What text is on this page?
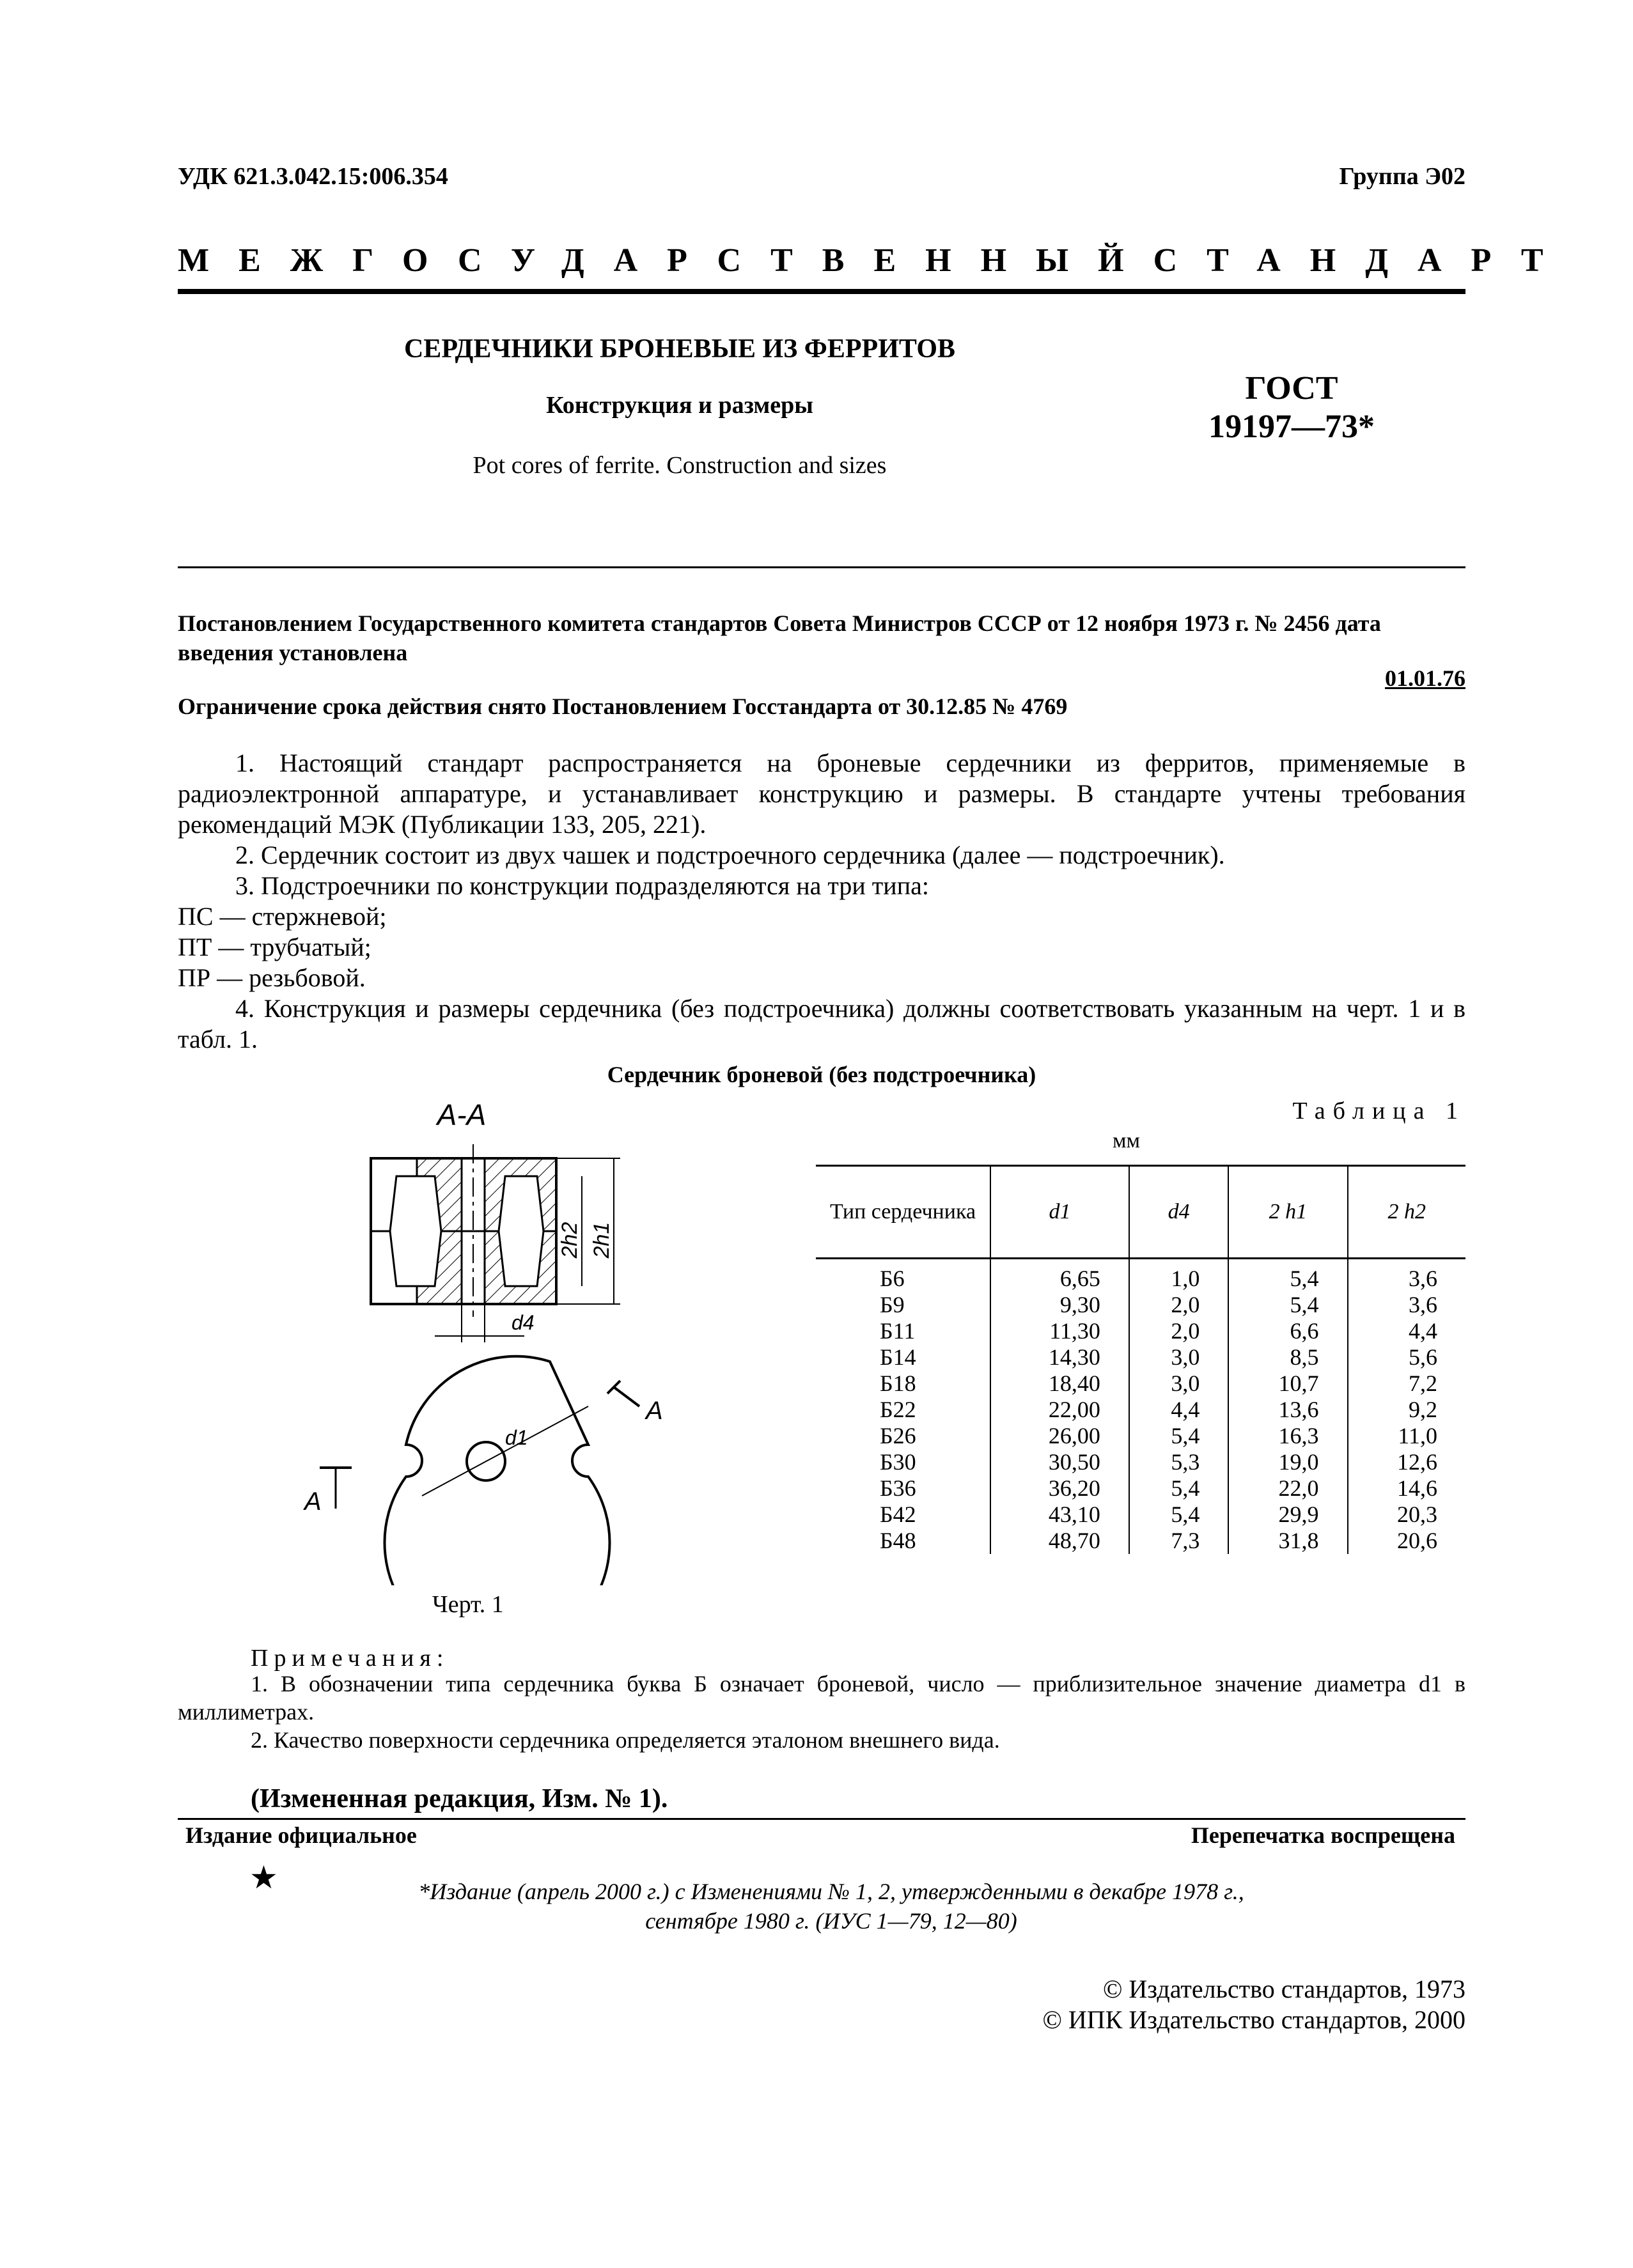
УДК 621.3.042.15:006.354	Группа Э02
МЕЖГОСУДАРСТВЕННЫЙ СТАНДАРТ
СЕРДЕЧНИКИ БРОНЕВЫЕ ИЗ ФЕРРИТОВ
Конструкция и размеры
Pot cores of ferrite. Construction and sizes
ГОСТ
19197—73*
Постановлением Государственного комитета стандартов Совета Министров СССР от 12 ноября 1973 г. № 2456 дата введения установлена
01.01.76
Ограничение срока действия снято Постановлением Госстандарта от 30.12.85 № 4769
1. Настоящий стандарт распространяется на броневые сердечники из ферритов, применяемые в радиоэлектронной аппаратуре, и устанавливает конструкцию и размеры. В стандарте учтены требования рекомендаций МЭК (Публикации 133, 205, 221).
2. Сердечник состоит из двух чашек и подстроечного сердечника (далее — подстроечник).
3. Подстроечники по конструкции подразделяются на три типа:
ПС — стержневой;
ПТ — трубчатый;
ПР — резьбовой.
4. Конструкция и размеры сердечника (без подстроечника) должны соответствовать указанным на черт. 1 и в табл. 1.
Сердечник броневой (без подстроечника)
А-А
2h2 2h1
d4
d1
А
А
Черт. 1
Таблица 1
мм
Тип сердечника	d1	d4	2 h1	2 h2
Б6	6,65	1,0	5,4	3,6
Б9	9,30	2,0	5,4	3,6
Б11	11,30	2,0	6,6	4,4
Б14	14,30	3,0	8,5	5,6
Б18	18,40	3,0	10,7	7,2
Б22	22,00	4,4	13,6	9,2
Б26	26,00	5,4	16,3	11,0
Б30	30,50	5,3	19,0	12,6
Б36	36,20	5,4	22,0	14,6
Б42	43,10	5,4	29,9	20,3
Б48	48,70	7,3	31,8	20,6
Примечания:
1. В обозначении типа сердечника буква Б означает броневой, число — приблизительное значение диаметра d1 в миллиметрах.
2. Качество поверхности сердечника определяется эталоном внешнего вида.
(Измененная редакция, Изм. № 1).
Издание официальное	Перепечатка воспрещена
★	*Издание (апрель 2000 г.) с Изменениями № 1, 2, утвержденными в декабре 1978 г.,
сентябре 1980 г. (ИУС 1—79, 12—80)
© Издательство стандартов, 1973
© ИПК Издательство стандартов, 2000
